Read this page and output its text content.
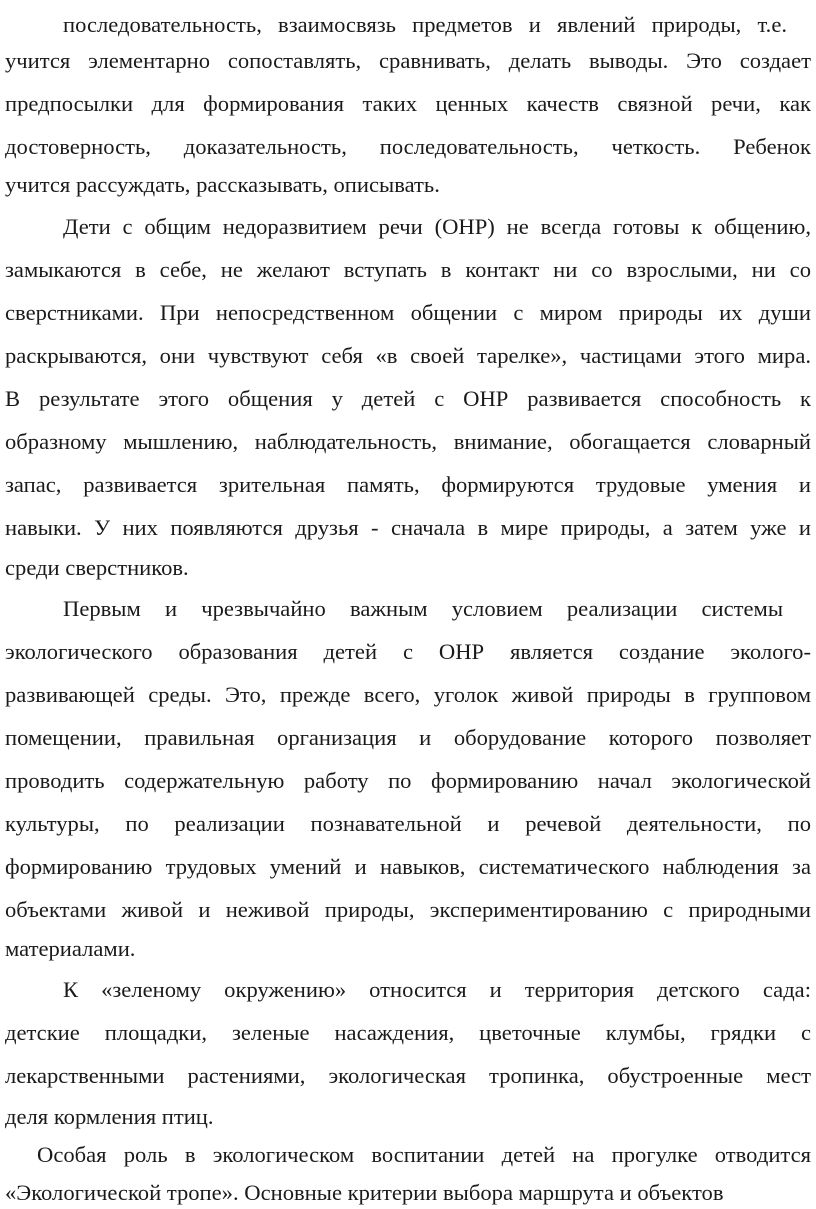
последовательность, взаимосвязь предметов и явлений природы, т.е.
учится элементарно сопоставлять, сравнивать, делать выводы. Это создает
предпосылки для формирования таких ценных качеств связной речи, как
достоверность, доказательность, последовательность, четкость. Ребенок
учится рассуждать, рассказывать, описывать.
Дети с общим недоразвитием речи (ОНР) не всегда готовы к общению,
замыкаются в себе, не желают вступать в контакт ни со взрослыми, ни со
сверстниками. При непосредственном общении с миром природы их души
раскрываются, они чувствуют себя «в своей тарелке», частицами этого мира.
В результате этого общения у детей с ОНР развивается способность к
образному мышлению, наблюдательность, внимание, обогащается словарный
запас, развивается зрительная память, формируются трудовые умения и
навыки. У них появляются друзья - сначала в мире природы, а затем уже и
среди сверстников.
Первым и чрезвычайно важным условием реализации системы
экологического образования детей с ОНР является создание эколого-
развивающей среды. Это, прежде всего, уголок живой природы в групповом
помещении, правильная организация и оборудование которого позволяет
проводить содержательную работу по формированию начал экологической
культуры, по реализации познавательной и речевой деятельности, по
формированию трудовых умений и навыков, систематического наблюдения за
объектами живой и неживой природы, экспериментированию с природными
материалами.
К «зеленому окружению» относится и территория детского сада:
детские площадки, зеленые насаждения, цветочные клумбы, грядки с
лекарственными растениями, экологическая тропинка, обустроенные мест
деля кормления птиц.
Особая роль в экологическом воспитании детей на прогулке отводится
«Экологической тропе». Основные критерии выбора маршрута и объектов
